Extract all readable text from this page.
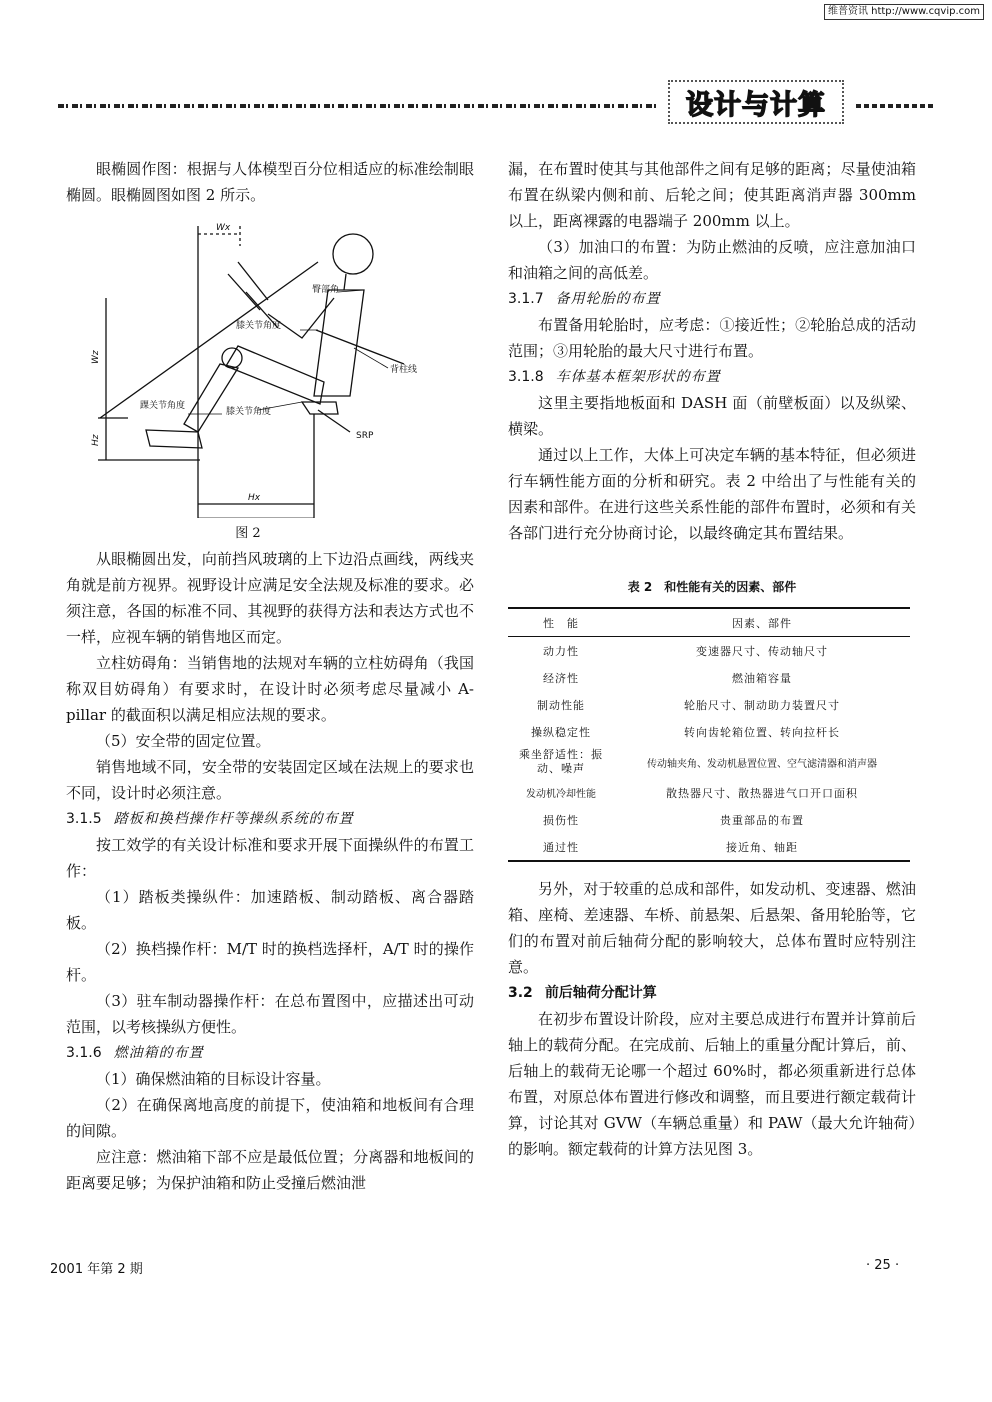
维普资讯 http://www.cqvip.com
设计与计算

眼椭圆作图：根据与人体模型百分位相适应的标准绘制眼椭圆。眼椭圆图如图 2 所示。

Wx
Wz
Hz
Hx
臀部角
膝关节角度
背柱线
踝关节角度
膝关节角度
SRP
图 2

从眼椭圆出发，向前挡风玻璃的上下边沿点画线，两线夹角就是前方视界。视野设计应满足安全法规及标准的要求。必须注意，各国的标准不同、其视野的获得方法和表达方式也不一样，应视车辆的销售地区而定。

立柱妨碍角：当销售地的法规对车辆的立柱妨碍角（我国称双目妨碍角）有要求时，在设计时必须考虑尽量减小 A-pillar 的截面积以满足相应法规的要求。

（5）安全带的固定位置。

销售地域不同，安全带的安装固定区域在法规上的要求也不同，设计时必须注意。

3.1.5 踏板和换档操作杆等操纵系统的布置

按工效学的有关设计标准和要求开展下面操纵件的布置工作：

（1）踏板类操纵件：加速踏板、制动踏板、离合器踏板。

（2）换档操作杆：M/T 时的换档选择杆，A/T 时的操作杆。

（3）驻车制动器操作杆：在总布置图中，应描述出可动范围，以考核操纵方便性。

3.1.6 燃油箱的布置

（1）确保燃油箱的目标设计容量。

（2）在确保离地高度的前提下，使油箱和地板间有合理的间隙。

应注意：燃油箱下部不应是最低位置；分离器和地板间的距离要足够；为保护油箱和防止受撞后燃油泄

漏，在布置时使其与其他部件之间有足够的距离；尽量使油箱布置在纵梁内侧和前、后轮之间；使其距离消声器 300mm 以上，距离裸露的电器端子 200mm 以上。

（3）加油口的布置：为防止燃油的反喷，应注意加油口和油箱之间的高低差。

3.1.7 备用轮胎的布置

布置备用轮胎时，应考虑：①接近性；②轮胎总成的活动范围；③用轮胎的最大尺寸进行布置。

3.1.8 车体基本框架形状的布置

这里主要指地板面和 DASH 面（前壁板面）以及纵梁、横梁。

通过以上工作，大体上可决定车辆的基本特征，但必须进行车辆性能方面的分析和研究。表 2 中给出了与性能有关的因素和部件。在进行这些关系性能的部件布置时，必须和有关各部门进行充分协商讨论，以最终确定其布置结果。

表 2　和性能有关的因素、部件
性　能	因素、部件
动力性	变速器尺寸、传动轴尺寸
经济性	燃油箱容量
制动性能	轮胎尺寸、制动助力装置尺寸
操纵稳定性	转向齿轮箱位置、转向拉杆长
乘坐舒适性：振动、噪声	传动轴夹角、发动机悬置位置、空气滤清器和消声器
发动机冷却性能	散热器尺寸、散热器进气口开口面积
损伤性	贵重部品的布置
通过性	接近角、轴距

另外，对于较重的总成和部件，如发动机、变速器、燃油箱、座椅、差速器、车桥、前悬架、后悬架、备用轮胎等，它们的布置对前后轴荷分配的影响较大，总体布置时应特别注意。

3.2 前后轴荷分配计算

在初步布置设计阶段，应对主要总成进行布置并计算前后轴上的载荷分配。在完成前、后轴上的重量分配计算后，前、后轴上的载荷无论哪一个超过 60%时，都必须重新进行总体布置，对原总体布置进行修改和调整，而且要进行额定载荷计算，讨论其对 GVW（车辆总重量）和 PAW（最大允许轴荷）的影响。额定载荷的计算方法见图 3。

2001 年第 2 期	· 25 ·
